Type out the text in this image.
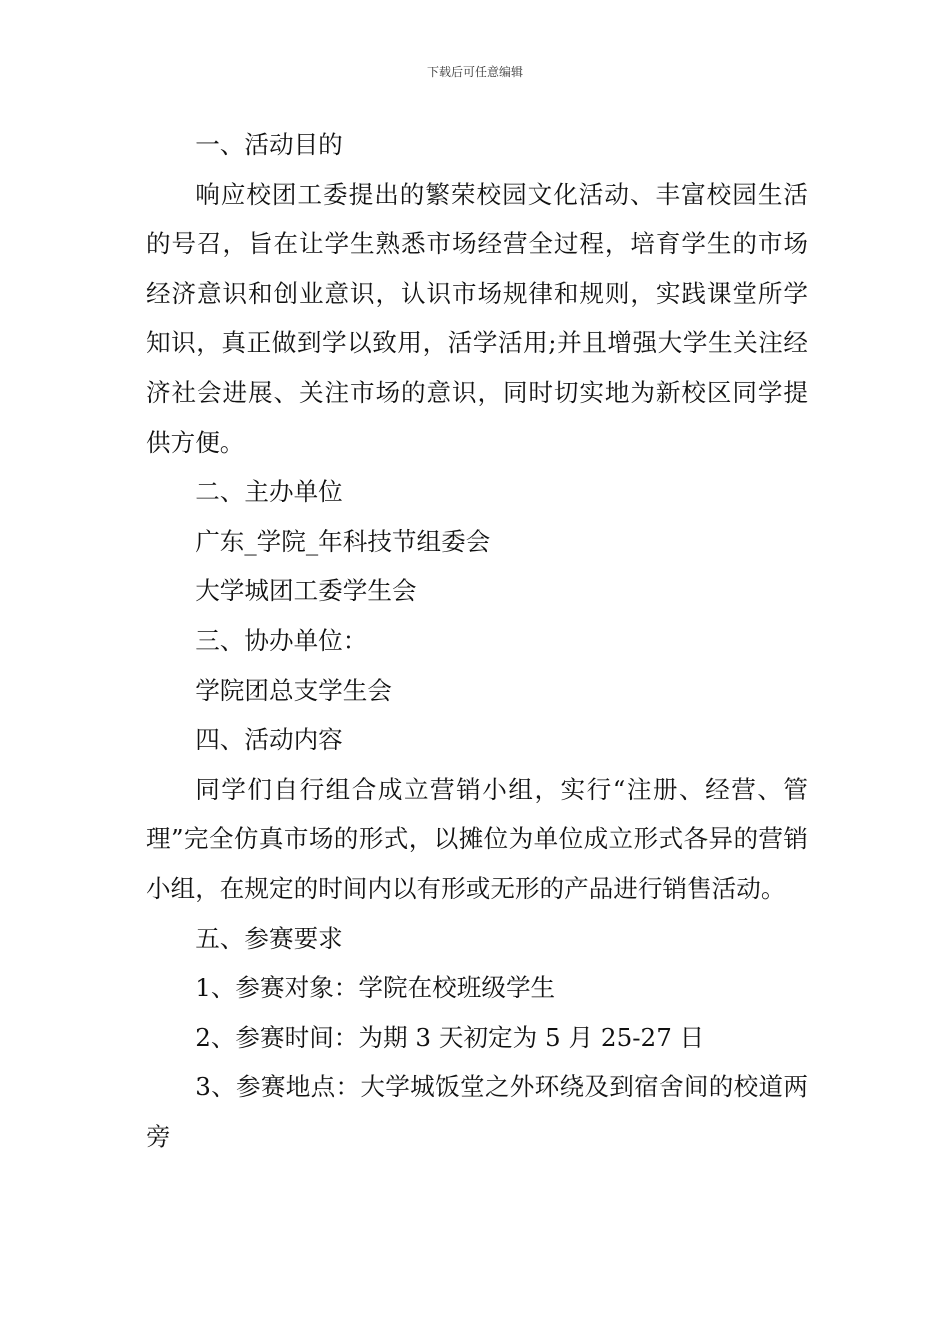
下载后可任意编辑

一、活动目的

响应校团工委提出的繁荣校园文化活动、丰富校园生活的号召，旨在让学生熟悉市场经营全过程，培育学生的市场经济意识和创业意识，认识市场规律和规则，实践课堂所学知识，真正做到学以致用，活学活用;并且增强大学生关注经济社会进展、关注市场的意识，同时切实地为新校区同学提供方便。

二、主办单位

广东_学院_年科技节组委会

大学城团工委学生会

三、协办单位：

学院团总支学生会

四、活动内容

同学们自行组合成立营销小组，实行“注册、经营、管理”完全仿真市场的形式，以摊位为单位成立形式各异的营销小组，在规定的时间内以有形或无形的产品进行销售活动。

五、参赛要求

1、参赛对象：学院在校班级学生

2、参赛时间：为期 3 天初定为 5 月 25-27 日

3、参赛地点：大学城饭堂之外环绕及到宿舍间的校道两旁
